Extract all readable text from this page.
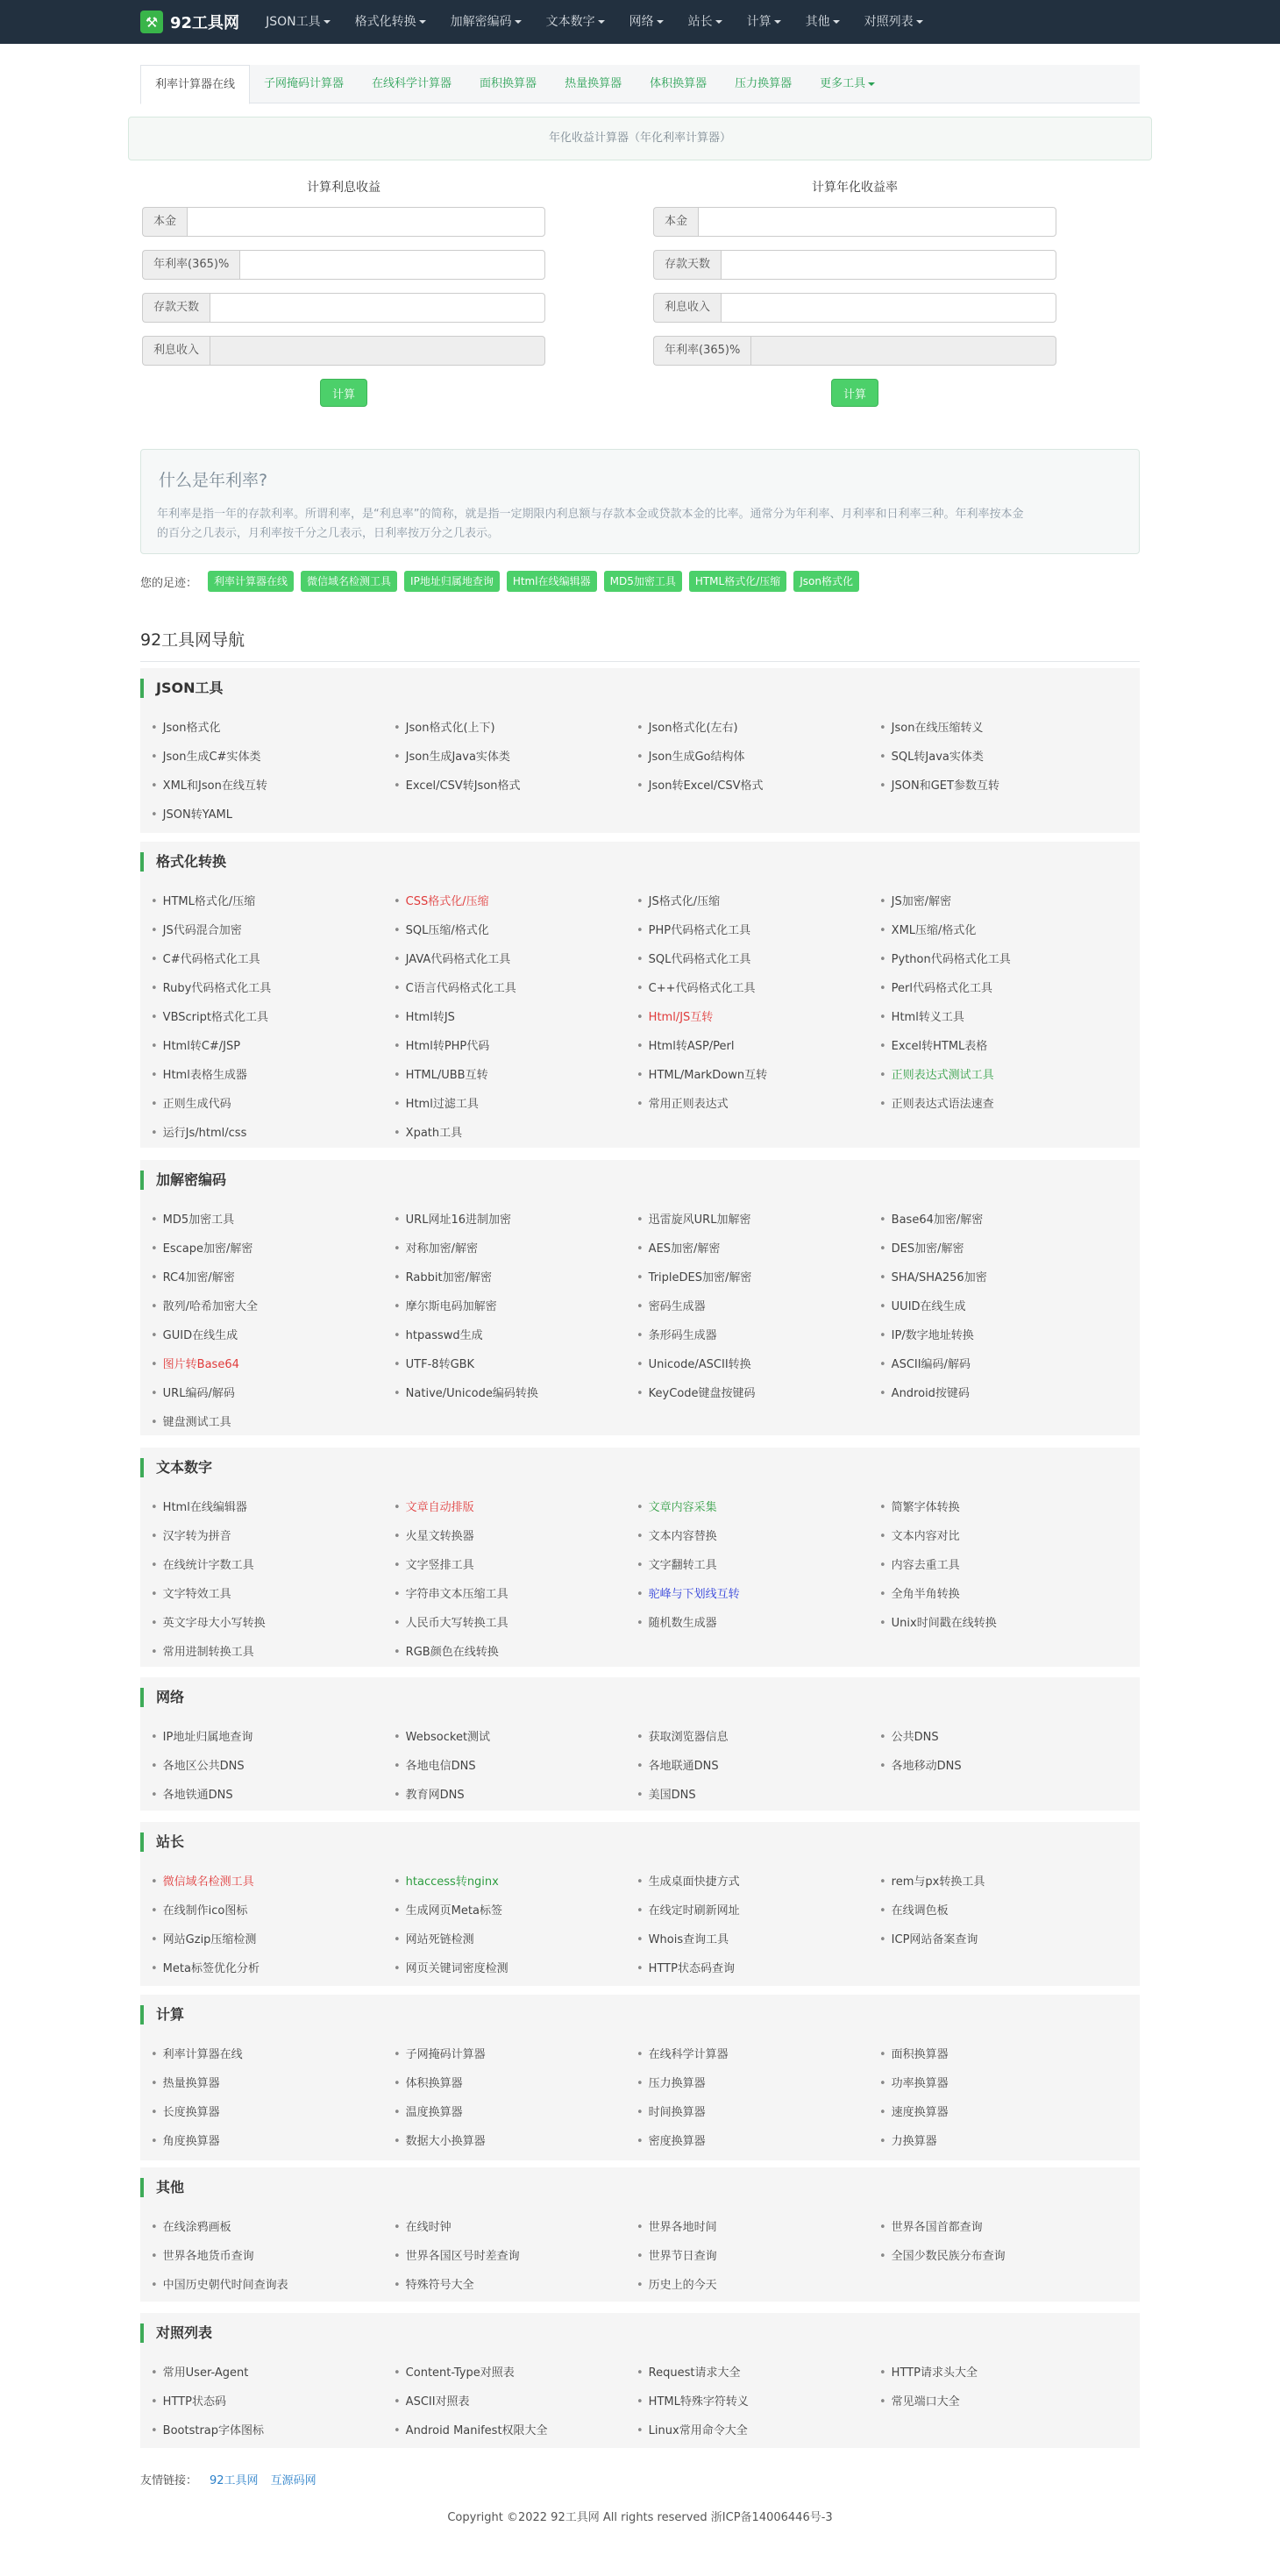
⚒ 92工具网	JSON工具	格式化转换	加解密编码	文本数字	网络	站长	计算	其他	对照列表
利率计算器在线	子网掩码计算器	在线科学计算器	面积换算器	热量换算器	体积换算器	压力换算器	更多工具
年化收益计算器（年化利率计算器）
计算利息收益
本金
年利率(365)%
存款天数
利息收入
计算
计算年化收益率
本金
存款天数
利息收入
年利率(365)%
计算
什么是年利率?
年利率是指一年的存款利率。所谓利率，是“利息率”的简称，就是指一定期限内利息额与存款本金或贷款本金的比率。通常分为年利率、月利率和日利率三种。年利率按本金
的百分之几表示，月利率按千分之几表示，日利率按万分之几表示。
您的足迹：	利率计算器在线	微信域名检测工具	IP地址归属地查询	Html在线编辑器	MD5加密工具	HTML格式化/压缩	Json格式化
92工具网导航
JSON工具
• Json格式化	• Json格式化(上下)	• Json格式化(左右)	• Json在线压缩转义
• Json生成C#实体类	• Json生成Java实体类	• Json生成Go结构体	• SQL转Java实体类
• XML和Json在线互转	• Excel/CSV转Json格式	• Json转Excel/CSV格式	• JSON和GET参数互转
• JSON转YAML
格式化转换
• HTML格式化/压缩	• CSS格式化/压缩	• JS格式化/压缩	• JS加密/解密
• JS代码混合加密	• SQL压缩/格式化	• PHP代码格式化工具	• XML压缩/格式化
• C#代码格式化工具	• JAVA代码格式化工具	• SQL代码格式化工具	• Python代码格式化工具
• Ruby代码格式化工具	• C语言代码格式化工具	• C++代码格式化工具	• Perl代码格式化工具
• VBScript格式化工具	• Html转JS	• Html/JS互转	• Html转义工具
• Html转C#/JSP	• Html转PHP代码	• Html转ASP/Perl	• Excel转HTML表格
• Html表格生成器	• HTML/UBB互转	• HTML/MarkDown互转	• 正则表达式测试工具
• 正则生成代码	• Html过滤工具	• 常用正则表达式	• 正则表达式语法速查
• 运行Js/html/css	• Xpath工具
加解密编码
• MD5加密工具	• URL网址16进制加密	• 迅雷旋风URL加解密	• Base64加密/解密
• Escape加密/解密	• 对称加密/解密	• AES加密/解密	• DES加密/解密
• RC4加密/解密	• Rabbit加密/解密	• TripleDES加密/解密	• SHA/SHA256加密
• 散列/哈希加密大全	• 摩尔斯电码加解密	• 密码生成器	• UUID在线生成
• GUID在线生成	• htpasswd生成	• 条形码生成器	• IP/数字地址转换
• 图片转Base64	• UTF-8转GBK	• Unicode/ASCII转换	• ASCII编码/解码
• URL编码/解码	• Native/Unicode编码转换	• KeyCode键盘按键码	• Android按键码
• 键盘测试工具
文本数字
• Html在线编辑器	• 文章自动排版	• 文章内容采集	• 简繁字体转换
• 汉字转为拼音	• 火星文转换器	• 文本内容替换	• 文本内容对比
• 在线统计字数工具	• 文字竖排工具	• 文字翻转工具	• 内容去重工具
• 文字特效工具	• 字符串文本压缩工具	• 驼峰与下划线互转	• 全角半角转换
• 英文字母大小写转换	• 人民币大写转换工具	• 随机数生成器	• Unix时间戳在线转换
• 常用进制转换工具	• RGB颜色在线转换
网络
• IP地址归属地查询	• Websocket测试	• 获取浏览器信息	• 公共DNS
• 各地区公共DNS	• 各地电信DNS	• 各地联通DNS	• 各地移动DNS
• 各地铁通DNS	• 教育网DNS	• 美国DNS
站长
• 微信域名检测工具	• htaccess转nginx	• 生成桌面快捷方式	• rem与px转换工具
• 在线制作ico图标	• 生成网页Meta标签	• 在线定时刷新网址	• 在线调色板
• 网站Gzip压缩检测	• 网站死链检测	• Whois查询工具	• ICP网站备案查询
• Meta标签优化分析	• 网页关键词密度检测	• HTTP状态码查询
计算
• 利率计算器在线	• 子网掩码计算器	• 在线科学计算器	• 面积换算器
• 热量换算器	• 体积换算器	• 压力换算器	• 功率换算器
• 长度换算器	• 温度换算器	• 时间换算器	• 速度换算器
• 角度换算器	• 数据大小换算器	• 密度换算器	• 力换算器
其他
• 在线涂鸦画板	• 在线时钟	• 世界各地时间	• 世界各国首都查询
• 世界各地货币查询	• 世界各国区号时差查询	• 世界节日查询	• 全国少数民族分布查询
• 中国历史朝代时间查询表	• 特殊符号大全	• 历史上的今天
对照列表
• 常用User-Agent	• Content-Type对照表	• Request请求大全	• HTTP请求头大全
• HTTP状态码	• ASCII对照表	• HTML特殊字符转义	• 常见端口大全
• Bootstrap字体图标	• Android Manifest权限大全	• Linux常用命令大全
友情链接： 92工具网 互源码网
Copyright ©2022 92工具网 All rights reserved 浙ICP备14006446号-3
